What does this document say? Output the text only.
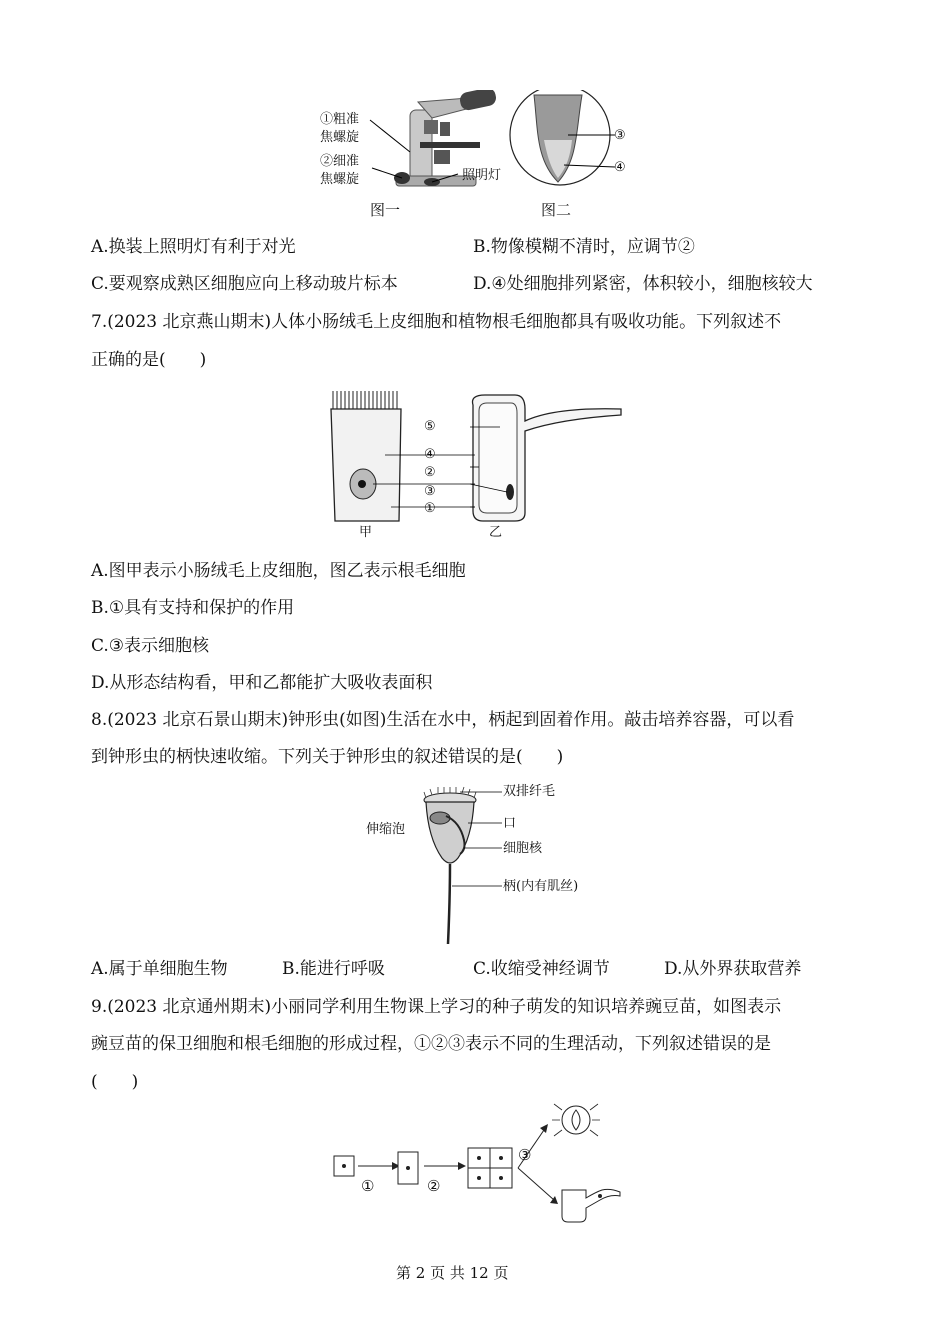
①粗准
焦螺旋
②细准
焦螺旋	照明灯
③
④
图一	图二
A.换装上照明灯有利于对光	B.物像模糊不清时，应调节②
C.要观察成熟区细胞应向上移动玻片标本	D.④处细胞排列紧密，体积较小，细胞核较大
7.(2023 北京燕山期末)人体小肠绒毛上皮细胞和植物根毛细胞都具有吸收功能。下列叙述不
正确的是(　　)
⑤
④
②
③
①
甲	乙
A.图甲表示小肠绒毛上皮细胞，图乙表示根毛细胞
B.①具有支持和保护的作用
C.③表示细胞核
D.从形态结构看，甲和乙都能扩大吸收表面积
8.(2023 北京石景山期末)钟形虫(如图)生活在水中，柄起到固着作用。敲击培养容器，可以看
到钟形虫的柄快速收缩。下列关于钟形虫的叙述错误的是(　　)
双排纤毛
伸缩泡	口
细胞核
柄(内有肌丝)
A.属于单细胞生物	B.能进行呼吸	C.收缩受神经调节	D.从外界获取营养
9.(2023 北京通州期末)小丽同学利用生物课上学习的种子萌发的知识培养豌豆苗，如图表示
豌豆苗的保卫细胞和根毛细胞的形成过程，①②③表示不同的生理活动，下列叙述错误的是
(　　)
①	②
③
第 2 页 共 12 页
